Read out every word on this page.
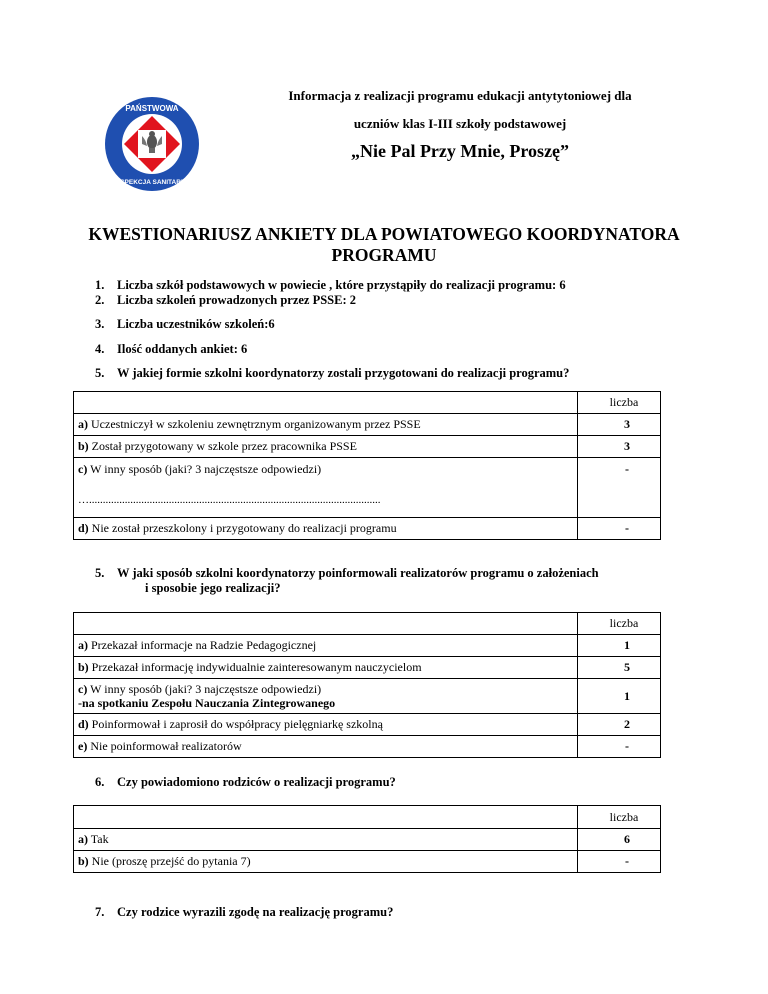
PAŃSTWOWA
INSPEKCJA SANITARNA
Informacja z realizacji programu edukacji antytytoniowej dla
uczniów klas I-III szkoły podstawowej
„Nie Pal Przy Mnie, Proszę”
KWESTIONARIUSZ ANKIETY DLA POWIATOWEGO KOORDYNATORA
PROGRAMU
1. Liczba szkół podstawowych w powiecie , które przystąpiły do realizacji programu: 6
2. Liczba szkoleń prowadzonych przez PSSE: 2
3. Liczba uczestników szkoleń:6
4. Ilość oddanych ankiet: 6
5. W jakiej formie szkolni koordynatorzy zostali przygotowani do realizacji programu?
	liczba
a) Uczestniczył w szkoleniu zewnętrznym organizowanym przez PSSE	3
b) Został przygotowany w szkole przez pracownika PSSE	3

c) W inny sposób (jaki? 3 najczęstsze odpowiedzi)
…..........................................................................................................	-
d) Nie został przeszkolony i przygotowany do realizacji programu	-
5. W jaki sposób szkolni koordynatorzy poinformowali realizatorów programu o założeniach
i sposobie jego realizacji?
	liczba
a) Przekazał informacje na Radzie Pedagogicznej	1
b) Przekazał informację indywidualnie zainteresowanym nauczycielom	5

c) W inny sposób (jaki? 3 najczęstsze odpowiedzi)
-na spotkaniu Zespołu Nauczania Zintegrowanego	1
d) Poinformował i zaprosił do współpracy pielęgniarkę szkolną	2
e) Nie poinformował realizatorów	-
6. Czy powiadomiono rodziców o realizacji programu?
	liczba
a) Tak	6
b) Nie (proszę przejść do pytania 7)	-
7. Czy rodzice wyrazili zgodę na realizację programu?
